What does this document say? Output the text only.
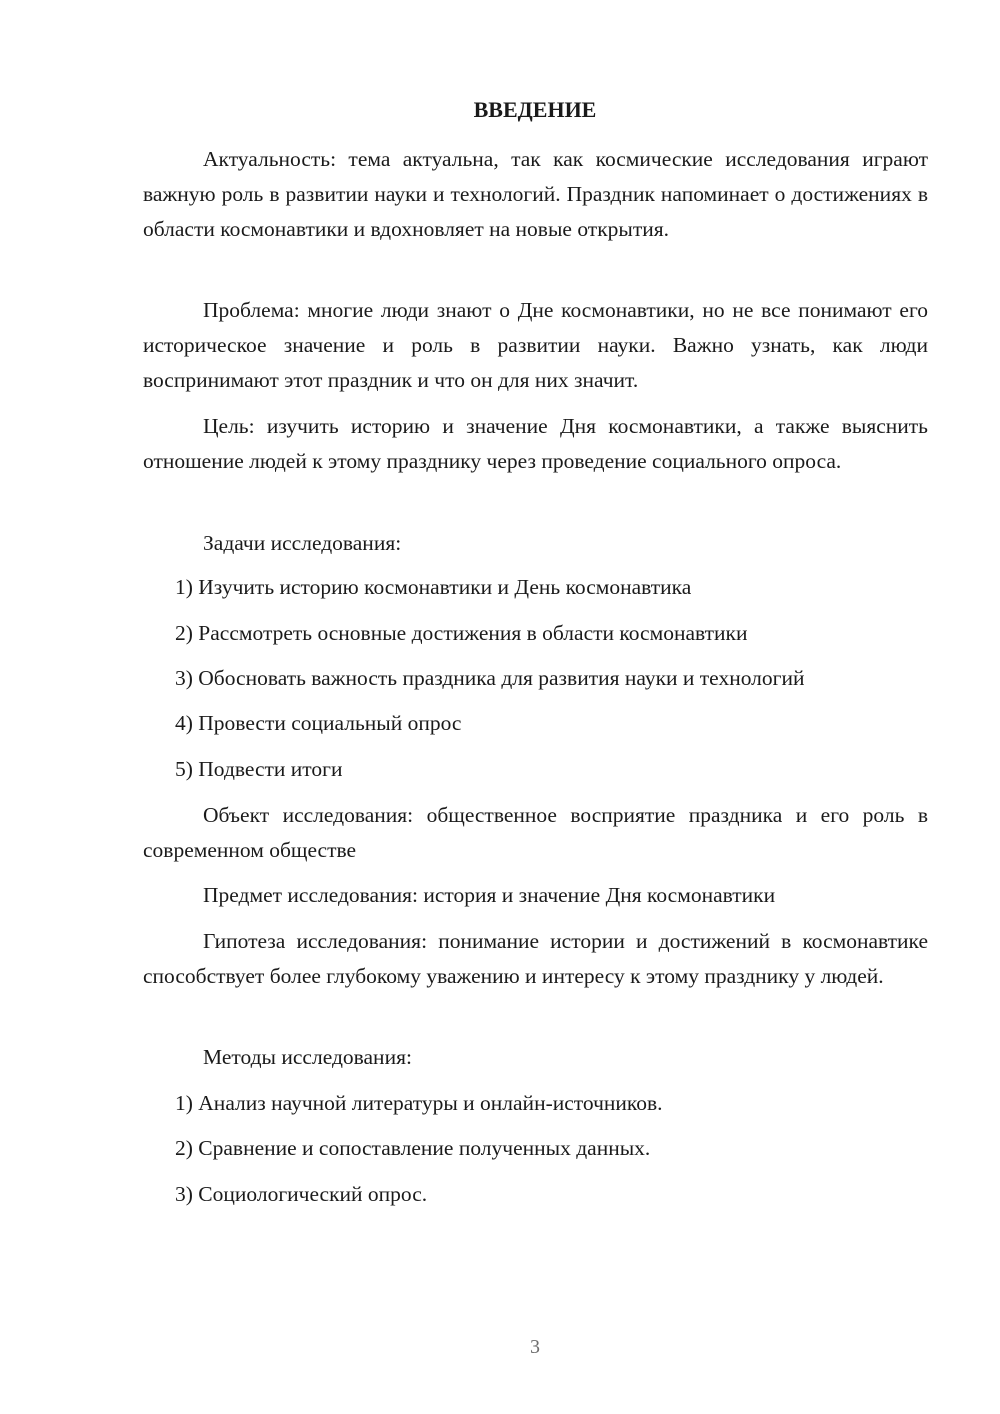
ВВЕДЕНИЕ
Актуальность: тема актуальна, так как космические исследования играют важную роль в развитии науки и технологий. Праздник напоминает о достижениях в области космонавтики и вдохновляет на новые открытия.
Проблема: многие люди знают о Дне космонавтики, но не все понимают его историческое значение и роль в развитии науки. Важно узнать, как люди воспринимают этот праздник и что он для них значит.
Цель: изучить историю и значение Дня космонавтики, а также выяснить отношение людей к этому празднику через проведение социального опроса.
Задачи исследования:
1) Изучить историю космонавтики и День космонавтика
2) Рассмотреть основные достижения в области космонавтики
3) Обосновать важность праздника для развития науки и технологий
4) Провести социальный опрос
5) Подвести итоги
Объект исследования: общественное восприятие праздника и его роль в современном обществе
Предмет исследования: история и значение Дня космонавтики
Гипотеза исследования: понимание истории и достижений в космонавтике способствует более глубокому уважению и интересу к этому празднику у людей.
Методы исследования:
1) Анализ научной литературы и онлайн-источников.
2) Сравнение и сопоставление полученных данных.
3) Социологический опрос.
3
